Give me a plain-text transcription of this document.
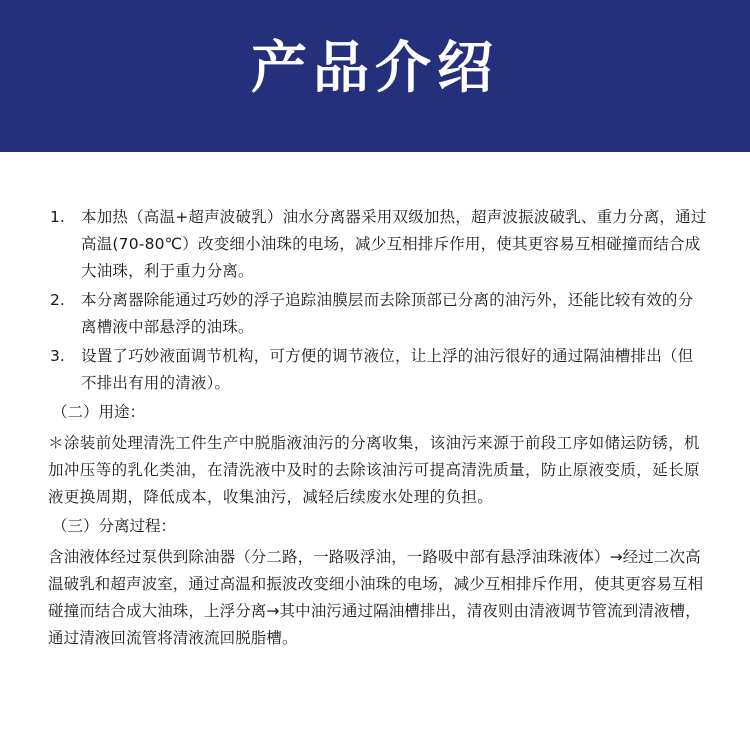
产品介绍
1.	本加热（高温+超声波破乳）油水分离器采用双级加热，超声波振波破乳、重力分离，通过高温(70-80℃）改变细小油珠的电场，减少互相排斥作用，使其更容易互相碰撞而结合成大油珠，利于重力分离。
2.	本分离器除能通过巧妙的浮子追踪油膜层而去除顶部已分离的油污外，还能比较有效的分离槽液中部悬浮的油珠。
3.	设置了巧妙液面调节机构，可方便的调节液位，让上浮的油污很好的通过隔油槽排出（但不排出有用的清液）。
（二）用途：
＊涂装前处理清洗工件生产中脱脂液油污的分离收集，该油污来源于前段工序如储运防锈，机加冲压等的乳化类油，在清洗液中及时的去除该油污可提高清洗质量，防止原液变质，延长原液更换周期，降低成本，收集油污，减轻后续废水处理的负担。
（三）分离过程：
含油液体经过泵供到除油器（分二路，一路吸浮油，一路吸中部有悬浮油珠液体）→经过二次高温破乳和超声波室，通过高温和振波改变细小油珠的电场，减少互相排斥作用，使其更容易互相碰撞而结合成大油珠，上浮分离→其中油污通过隔油槽排出，清夜则由清液调节管流到清液槽，通过清液回流管将清液流回脱脂槽。
